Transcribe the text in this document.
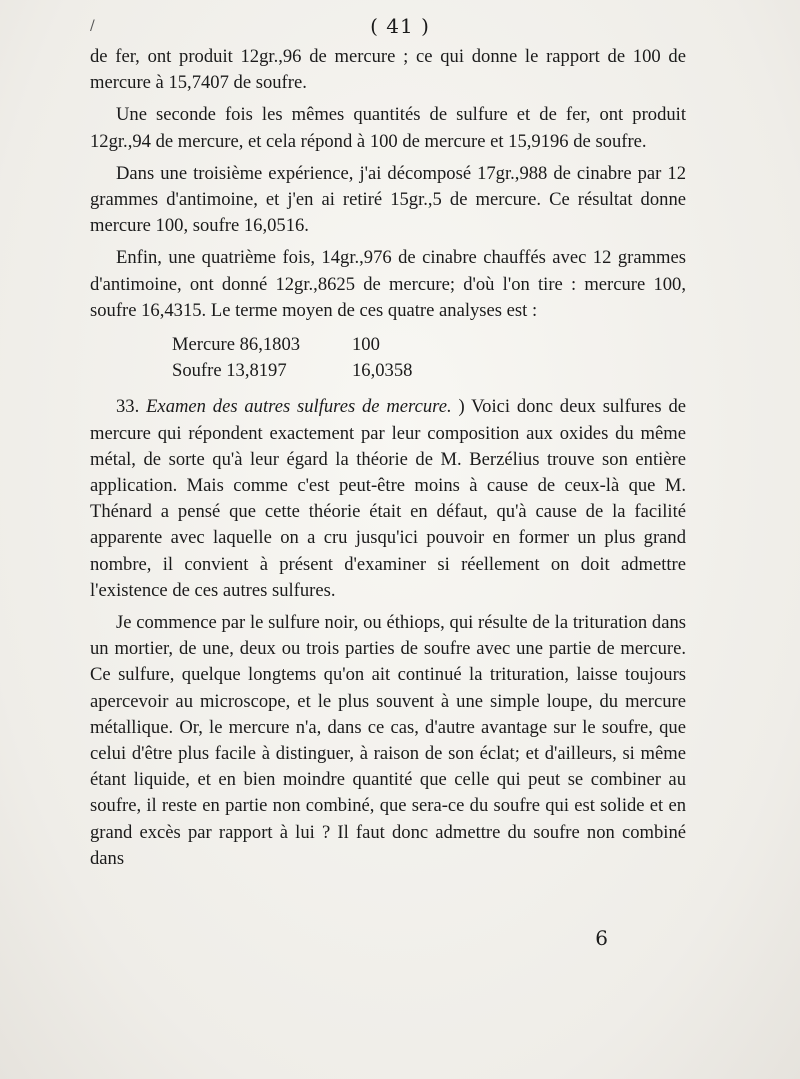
/	( 41 )

de fer, ont produit 12gr.,96 de mercure ; ce qui donne le rapport de 100 de mercure à 15,7407 de soufre.

Une seconde fois les mêmes quantités de sulfure et de fer, ont produit 12gr.,94 de mercure, et cela répond à 100 de mercure et 15,9196 de soufre.

Dans une troisième expérience, j'ai décomposé 17gr.,988 de cinabre par 12 grammes d'antimoine, et j'en ai retiré 15gr.,5 de mercure. Ce résultat donne mercure 100, soufre 16,0516.

Enfin, une quatrième fois, 14gr.,976 de cinabre chauffés avec 12 grammes d'antimoine, ont donné 12gr.,8625 de mercure; d'où l'on tire : mercure 100, soufre 16,4315. Le terme moyen de ces quatre analyses est :

Mercure 86,1803	100
Soufre 13,8197	16,0358

33. Examen des autres sulfures de mercure. ) Voici donc deux sulfures de mercure qui répondent exactement par leur composition aux oxides du même métal, de sorte qu'à leur égard la théorie de M. Berzélius trouve son entière application. Mais comme c'est peut-être moins à cause de ceux-là que M. Thénard a pensé que cette théorie était en défaut, qu'à cause de la facilité apparente avec laquelle on a cru jusqu'ici pouvoir en former un plus grand nombre, il convient à présent d'examiner si réellement on doit admettre l'existence de ces autres sulfures.

Je commence par le sulfure noir, ou éthiops, qui résulte de la trituration dans un mortier, de une, deux ou trois parties de soufre avec une partie de mercure. Ce sulfure, quelque longtems qu'on ait continué la trituration, laisse toujours apercevoir au microscope, et le plus souvent à une simple loupe, du mercure métallique. Or, le mercure n'a, dans ce cas, d'autre avantage sur le soufre, que celui d'être plus facile à distinguer, à raison de son éclat; et d'ailleurs, si même étant liquide, et en bien moindre quantité que celle qui peut se combiner au soufre, il reste en partie non combiné, que sera-ce du soufre qui est solide et en grand excès par rapport à lui ? Il faut donc admettre du soufre non combiné dans

6
